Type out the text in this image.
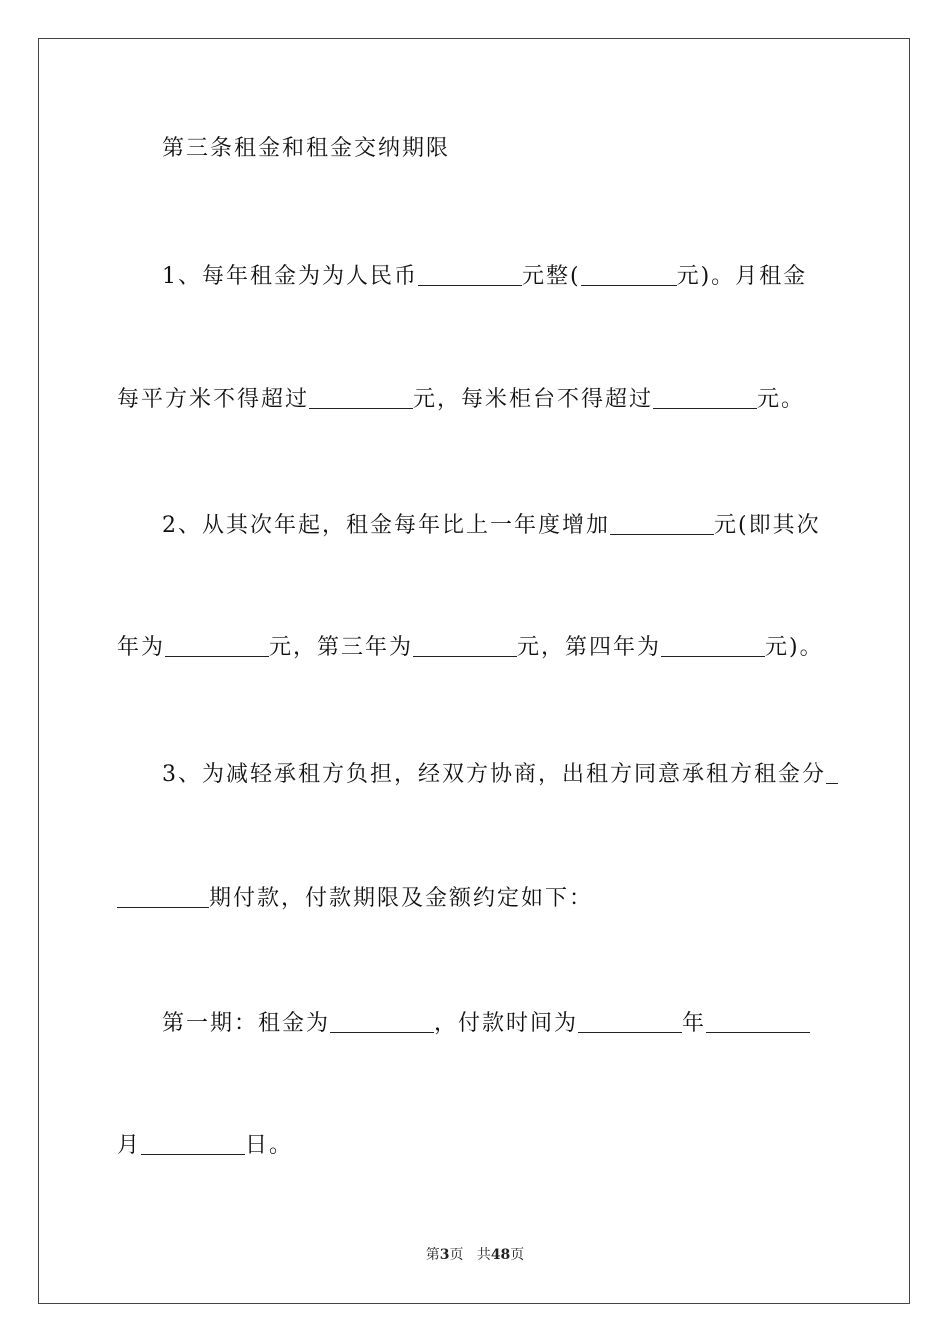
第三条租金和租金交纳期限
1、每年租金为为人民币	元整(	元)。月租金
每平方米不得超过	元，每米柜台不得超过	元。
2、从其次年起，租金每年比上一年度增加	元(即其次
年为	元，第三年为	元，第四年为	元)。
3、为减轻承租方负担，经双方协商，出租方同意承租方租金分
期付款，付款期限及金额约定如下：
第一期：租金为	，付款时间为	年
月	日。
第3页 共48页
